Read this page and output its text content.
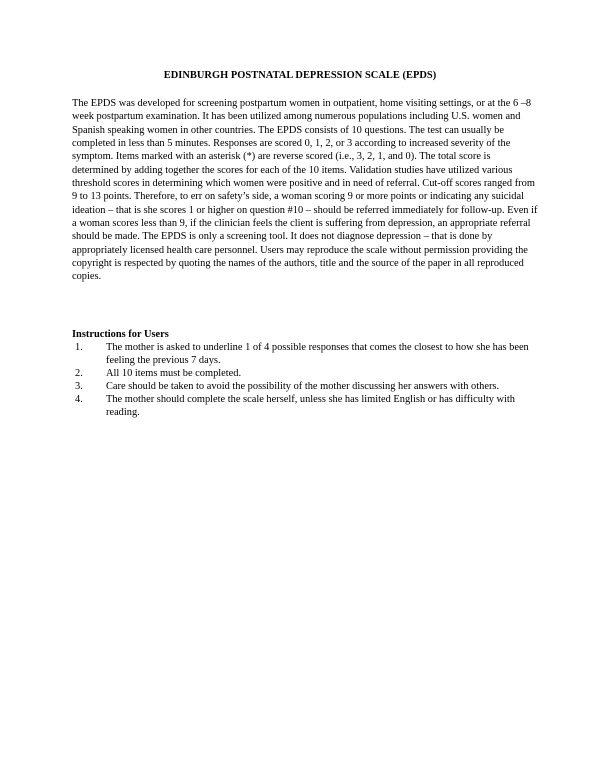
EDINBURGH POSTNATAL DEPRESSION SCALE (EPDS)

The EPDS was developed for screening postpartum women in outpatient, home visiting settings, or at the 6 –8 week postpartum examination. It has been utilized among numerous populations including U.S. women and Spanish speaking women in other countries. The EPDS consists of 10 questions. The test can usually be completed in less than 5 minutes. Responses are scored 0, 1, 2, or 3 according to increased severity of the symptom. Items marked with an asterisk (*) are reverse scored (i.e., 3, 2, 1, and 0). The total score is determined by adding together the scores for each of the 10 items. Validation studies have utilized various threshold scores in determining which women were positive and in need of referral. Cut-off scores ranged from 9 to 13 points. Therefore, to err on safety’s side, a woman scoring 9 or more points or indicating any suicidal ideation – that is she scores 1 or higher on question #10 – should be referred immediately for follow-up. Even if a woman scores less than 9, if the clinician feels the client is suffering from depression, an appropriate referral should be made. The EPDS is only a screening tool. It does not diagnose depression – that is done by appropriately licensed health care personnel. Users may reproduce the scale without permission providing the copyright is respected by quoting the names of the authors, title and the source of the paper in all reproduced copies.

Instructions for Users
1.	The mother is asked to underline 1 of 4 possible responses that comes the closest to how she has been feeling the previous 7 days.
2.	All 10 items must be completed.
3.	Care should be taken to avoid the possibility of the mother discussing her answers with others.
4.	The mother should complete the scale herself, unless she has limited English or has difficulty with reading.
